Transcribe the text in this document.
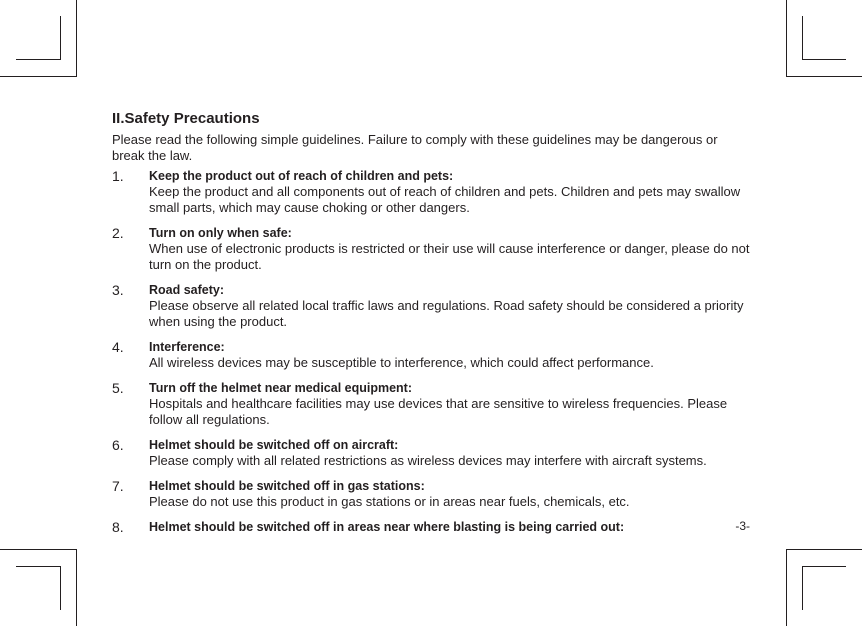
II.Safety Precautions
Please read the following simple guidelines. Failure to comply with these guidelines may be dangerous or break the law.
1. Keep the product out of reach of children and pets:
Keep the product and all components out of reach of children and pets. Children and pets may swallow small parts, which may cause choking or other dangers.
2. Turn on only when safe:
When use of electronic products is restricted or their use will cause interference or danger, please do not turn on the product.
3. Road safety:
Please observe all related local traffic laws and regulations. Road safety should be considered a priority when using the product.
4. Interference:
All wireless devices may be susceptible to interference, which could affect performance.
5. Turn off the helmet near medical equipment:
Hospitals and healthcare facilities may use devices that are sensitive to wireless frequencies. Please follow all regulations.
6. Helmet should be switched off on aircraft:
Please comply with all related restrictions as wireless devices may interfere with aircraft systems.
7. Helmet should be switched off in gas stations:
Please do not use this product in gas stations or in areas near fuels, chemicals, etc.
8. Helmet should be switched off in areas near where blasting is being carried out:	-3-
